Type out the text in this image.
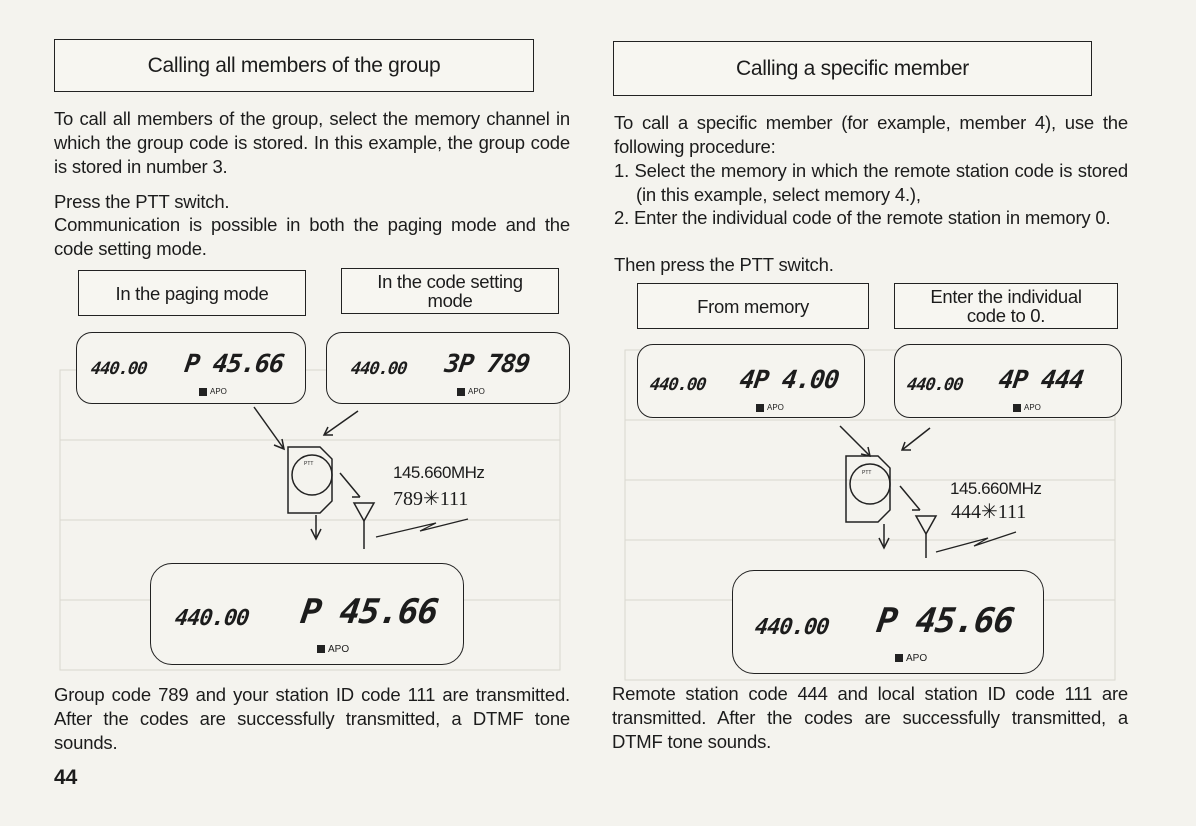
Calling all members of the group
To call all members of the group, select the memory channel in which the group code is stored. In this example, the group code is stored in number 3.
Press the PTT switch.
Communication is possible in both the paging mode and the code setting mode.
In the paging mode
In the code setting mode
440.00 P 45.66
APO
440.00 3P 789
APO
PTT	145.660MHz
789✳111
440.00 P 45.66
APO
Group code 789 and your station ID code 111 are transmitted. After the codes are successfully transmitted, a DTMF tone sounds.
44
Calling a specific member
To call a specific member (for example, member 4), use the following procedure:
1. Select the memory in which the remote station code is stored (in this example, select memory 4.),
2. Enter the individual code of the remote station in memory 0.
Then press the PTT switch.
From memory	Enter the individual code to 0.
440.00 4P 4.00
APO
440.00 4P 444
APO
PTT
145.660MHz
444✳111
440.00 P 45.66
APO
Remote station code 444 and local station ID code 111 are transmitted. After the codes are successfully transmitted, a DTMF tone sounds.
